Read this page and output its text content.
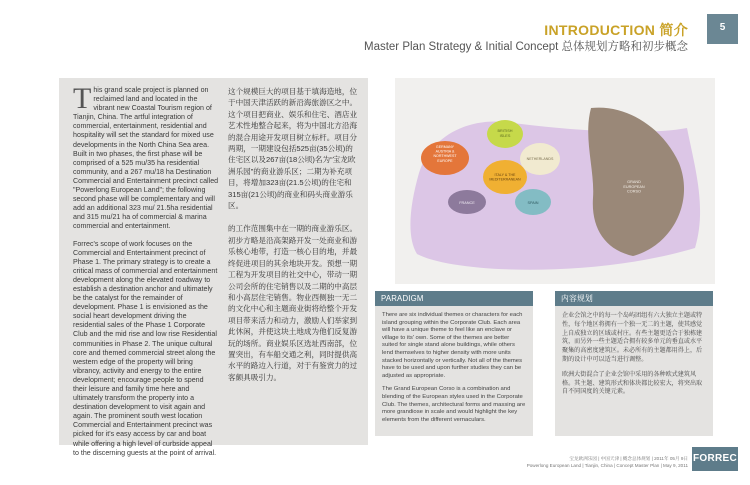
INTRODUCTION 简介
Master Plan Strategy & Initial Concept 总体规划方略和初步概念
5

This grand scale project is planned on reclaimed land and located in the vibrant new Coastal Tourism region of Tianjin, China. The artful integration of commercial, entertainment, residential and hospitality will set the standard for mixed use developments in the North China Sea area. Built in two phases, the first phase will be comprised of a 525 mu/35 ha residential community, and a 267 mu/18 ha Destination Commercial and Entertainment precinct called "Powerlong European Land"; the following second phase will be complementary and will add an additional 323 mu/ 21.5ha residential and 315 mu/21 ha of commercial & marina commercial and entertainment.

Forrec's scope of work focuses on the Commercial and Entertainment precinct of Phase 1. The primary strategy is to create a critical mass of commercial and entertainment development along the elevated roadway to establish a destination anchor and ultimately be the catalyst for the remainder of development. Phase 1 is envisioned as the social heart development driving the residential sales of the Phase 1 Corporate Club and the mid rise and low rise Residential communities in Phase 2. The unique cultural core and themed commercial street along the western edge of the property will bring vibrancy, activity and energy to the entire development; encourage people to spend their leisure and family time here and ultimately transform the property into a destination development to visit again and again. The prominent south west location Commercial and Entertainment precinct was picked for it's easy access by car and boat while offering a high level of curbside appeal to the discerning guests at the point of arrival.

这个规模巨大的项目基于填海造地，位于中国天津活跃的新沿海旅游区之中。这个项目把商业、娱乐和住宅、酒店业艺术性地整合起来，将为中国北方沿海的混合用途开发项目树立标杆。项目分两期，一期建设包括525亩(35公顷)的住宅区以及267亩(18公顷)名为“宝龙欧洲乐园”的商业游乐区；二期为补充项目，将增加323亩(21.5公顷)的住宅和315亩(21公顷)的商业和码头商业游乐区。

的工作范围集中在一期的商业游乐区。初步方略是沿高架路开发一处商业和游乐核心地带，打造一核心目的地，并最终促进项目的其余地块开发。预想一期工程为开发项目的社交中心，带动一期公司会所的住宅销售以及二期的中高层和小高层住宅销售。物业西侧独一无二的文化中心和主题商业街将给整个开发项目带来活力和动力，激励人们举家到此休闲，并使这块土地成为他们反复游玩的场所。商业娱乐区选址西南部，位置突出，有车船交通之利，同时提供高水平的路边入行道，对于有鉴赏力的过客颇具吸引力。

GERMANY AUSTRIA & NORTHWEST EUROPE
BRITISH ISLES
NETHERLANDS
ITALY & THE MEDITERRANEAN
GRAND EUROPEAN CORSO
FRANCE	SPAIN
PARADIGM

There are six individual themes or characters for each island grouping within the Corporate Club. Each area will have a unique theme to feel like an enclave or village to its' own. Some of the themes are better suited for single stand alone buildings, while others lend themselves to higher density with more units stacked horizontally or vertically. Not all of the themes have to be used and upon further studies they can be adjusted as appropriate.

The Grand European Corso is a combination and blending of the European styles used in the Corporate Club. The themes, architectural forms and massing are more grandiose in scale and would highlight the key elements from the different vernaculars.

内容规划

企业会馆之中的每一个岛屿团组有六大独立主题或特性，每个地区将拥有一个独一无二的主题，使其感觉上自成独立的区域或村庄。有些主题更适合于独栋建筑，而另外一些主题适合拥有较多单元的垂直或水平聚集的高密度建筑区。未必所有的主题都用得上，后期的设计中可以适当进行调整。

欧洲大街混合了企业会馆中采用的各种欧式建筑风格。其主题、建筑形式和体块都比较宏大，将突出取自不同国度的关键元素。

宝龙欧洲乐园 | 中国天津 | 概念总体规划 | 2011年 05月 9日
Powerlong European Land | Tianjin, China | Concept Master Plan | May 9, 2011
FORREC
